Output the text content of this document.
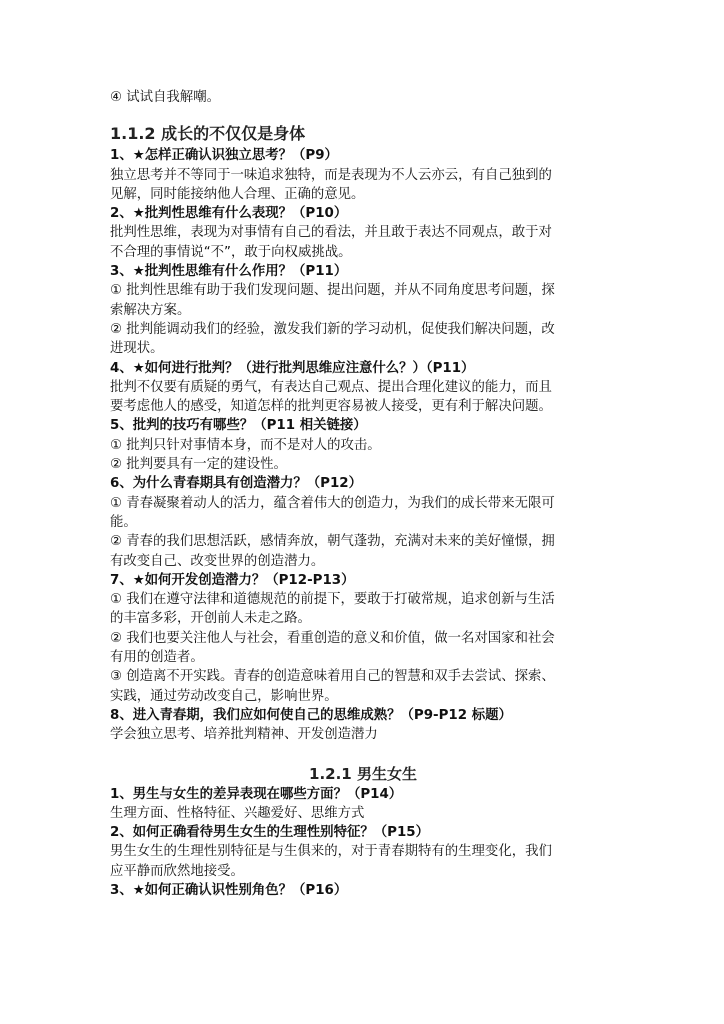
④ 试试自我解嘲。
1.1.2 成长的不仅仅是身体
1、★怎样正确认识独立思考？（P9）
独立思考并不等同于一味追求独特，而是表现为不人云亦云，有自己独到的
见解，同时能接纳他人合理、正确的意见。
2、★批判性思维有什么表现？（P10）
批判性思维，表现为对事情有自己的看法，并且敢于表达不同观点，敢于对
不合理的事情说“不”，敢于向权威挑战。
3、★批判性思维有什么作用？（P11）
① 批判性思维有助于我们发现问题、提出问题，并从不同角度思考问题，探
索解决方案。
② 批判能调动我们的经验，激发我们新的学习动机，促使我们解决问题，改
进现状。
4、★如何进行批判？（进行批判思维应注意什么？）（P11）
批判不仅要有质疑的勇气，有表达自己观点、提出合理化建议的能力，而且
要考虑他人的感受，知道怎样的批判更容易被人接受，更有利于解决问题。
5、批判的技巧有哪些？（P11 相关链接）
① 批判只针对事情本身，而不是对人的攻击。
② 批判要具有一定的建设性。
6、为什么青春期具有创造潜力？（P12）
① 青春凝聚着动人的活力，蕴含着伟大的创造力，为我们的成长带来无限可
能。
② 青春的我们思想活跃，感情奔放，朝气蓬勃，充满对未来的美好憧憬，拥
有改变自己、改变世界的创造潜力。
7、★如何开发创造潜力？（P12-P13）
① 我们在遵守法律和道德规范的前提下，要敢于打破常规，追求创新与生活
的丰富多彩，开创前人未走之路。
② 我们也要关注他人与社会，看重创造的意义和价值，做一名对国家和社会
有用的创造者。
③ 创造离不开实践。青春的创造意味着用自己的智慧和双手去尝试、探索、
实践，通过劳动改变自己，影响世界。
8、进入青春期，我们应如何使自己的思维成熟？（P9-P12 标题）
学会独立思考、培养批判精神、开发创造潜力
1.2.1 男生女生
1、男生与女生的差异表现在哪些方面？（P14）
生理方面、性格特征、兴趣爱好、思维方式
2、如何正确看待男生女生的生理性别特征？（P15）
男生女生的生理性别特征是与生俱来的，对于青春期特有的生理变化，我们
应平静而欣然地接受。
3、★如何正确认识性别角色？（P16）
